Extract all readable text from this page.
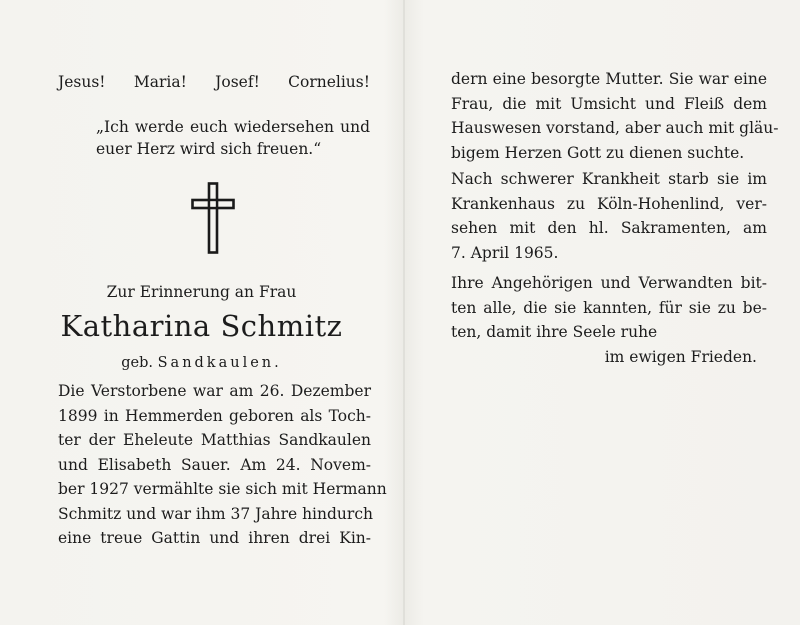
Jesus! Maria! Josef! Cornelius!
„Ich werde euch wiedersehen und
euer Herz wird sich freuen.“
Zur Erinnerung an Frau
Katharina Schmitz
geb. Sandkaulen.
Die Verstorbene war am 26. Dezember
1899 in Hemmerden geboren als Toch-
ter der Eheleute Matthias Sandkaulen
und Elisabeth Sauer. Am 24. Novem-
ber 1927 vermählte sie sich mit Hermann
Schmitz und war ihm 37 Jahre hindurch
eine treue Gattin und ihren drei Kin-
dern eine besorgte Mutter. Sie war eine
Frau, die mit Umsicht und Fleiß dem
Hauswesen vorstand, aber auch mit gläu-
bigem Herzen Gott zu dienen suchte.
Nach schwerer Krankheit starb sie im
Krankenhaus zu Köln-Hohenlind, ver-
sehen mit den hl. Sakramenten, am
7. April 1965.
Ihre Angehörigen und Verwandten bit-
ten alle, die sie kannten, für sie zu be-
ten, damit ihre Seele ruhe
im ewigen Frieden.
